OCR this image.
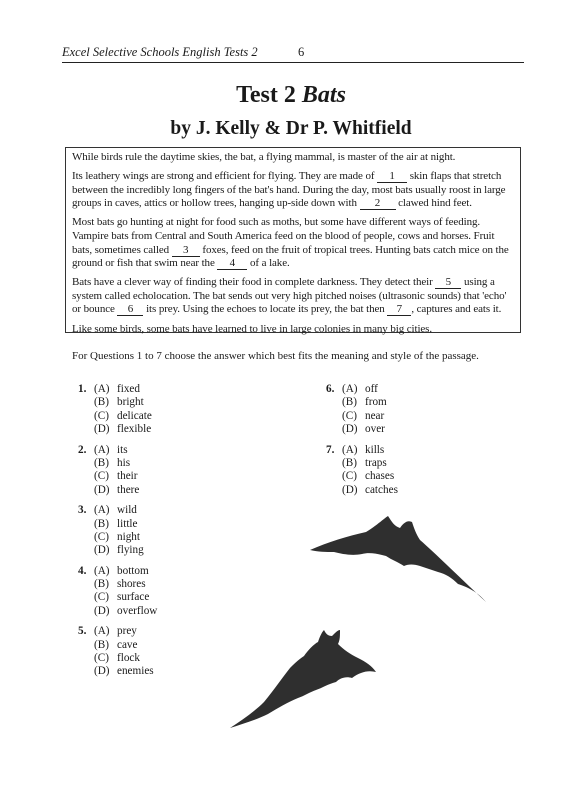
Excel Selective Schools English Tests 2	6
Test 2 Bats
by J. Kelly & Dr P. Whitfield

While birds rule the daytime skies, the bat, a flying mammal, is master of the air at night.

Its leathery wings are strong and efficient for flying. They are made of 1 skin flaps that stretch between the incredibly long fingers of the bat's hand. During the day, most bats usually roost in large groups in caves, attics or hollow trees, hanging up-side down with 2 clawed hind feet.

Most bats go hunting at night for food such as moths, but some have different ways of feeding. Vampire bats from Central and South America feed on the blood of people, cows and horses. Fruit bats, sometimes called 3 foxes, feed on the fruit of tropical trees. Hunting bats catch mice on the ground or fish that swim near the 4 of a lake.

Bats have a clever way of finding their food in complete darkness. They detect their 5 using a system called echolocation. The bat sends out very high pitched noises (ultrasonic sounds) that 'echo' or bounce 6 its prey. Using the echoes to locate its prey, the bat then 7 , captures and eats it.

Like some birds, some bats have learned to live in large colonies in many big cities.

For Questions 1 to 7 choose the answer which best fits the meaning and style of the passage.
1. (A) fixed
(B) bright
(C) delicate
(D) flexible
2. (A) its
(B) his
(C) their
(D) there
3. (A) wild
(B) little
(C) night
(D) flying
4. (A) bottom
(B) shores
(C) surface
(D) overflow
5. (A) prey
(B) cave
(C) flock
(D) enemies
6. (A) off
(B) from
(C) near
(D) over
7. (A) kills
(B) traps
(C) chases
(D) catches
